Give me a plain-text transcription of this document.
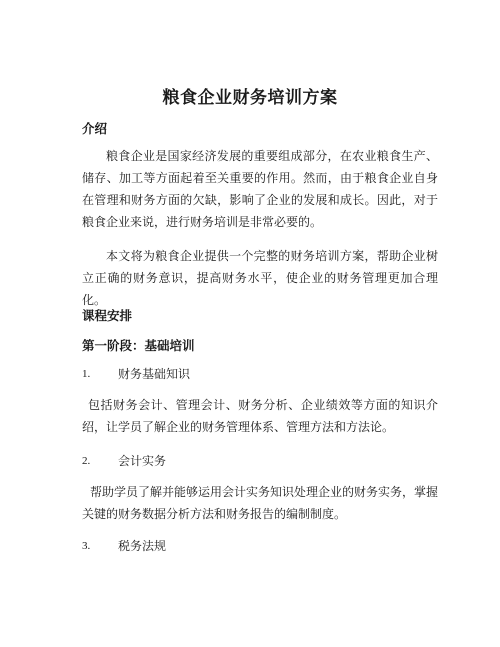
粮食企业财务培训方案
介绍

粮食企业是国家经济发展的重要组成部分，在农业粮食生产、储存、加工等方面起着至关重要的作用。然而，由于粮食企业自身在管理和财务方面的欠缺，影响了企业的发展和成长。因此，对于粮食企业来说，进行财务培训是非常必要的。

本文将为粮食企业提供一个完整的财务培训方案，帮助企业树立正确的财务意识，提高财务水平，使企业的财务管理更加合理化。

课程安排
第一阶段：基础培训
1. 财务基础知识

包括财务会计、管理会计、财务分析、企业绩效等方面的知识介绍，让学员了解企业的财务管理体系、管理方法和方法论。

2. 会计实务

帮助学员了解并能够运用会计实务知识处理企业的财务实务，掌握关键的财务数据分析方法和财务报告的编制制度。

3. 税务法规
